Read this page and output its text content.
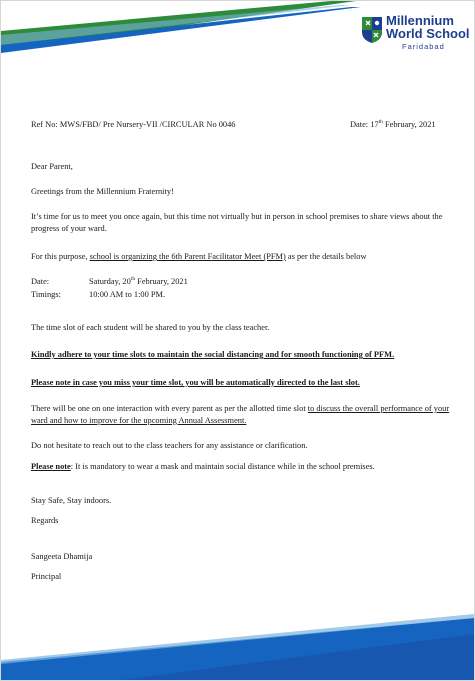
Millennium
World School
Faridabad
Ref No: MWS/FBD/ Pre Nursery-VII /CIRCULAR No 0046	Date: 17th February, 2021
Dear Parent,
Greetings from the Millennium Fraternity!
It’s time for us to meet you once again, but this time not virtually but in person in school premises to share views about the progress of your ward.
For this purpose, school is organizing the 6th Parent Facilitator Meet (PFM) as per the details below
Date:	Saturday, 20th February, 2021
Timings:	10:00 AM to 1:00 PM.
The time slot of each student will be shared to you by the class teacher.
Kindly adhere to your time slots to maintain the social distancing and for smooth functioning of PFM.
Please note in case you miss your time slot, you will be automatically directed to the last slot.
There will be one on one interaction with every parent as per the allotted time slot to discuss the overall performance of your ward and how to improve for the upcoming Annual Assessment.
Do not hesitate to reach out to the class teachers for any assistance or clarification.
Please note: It is mandatory to wear a mask and maintain social distance while in the school premises.
Stay Safe, Stay indoors.
Regards
Sangeeta Dhamija
Principal
